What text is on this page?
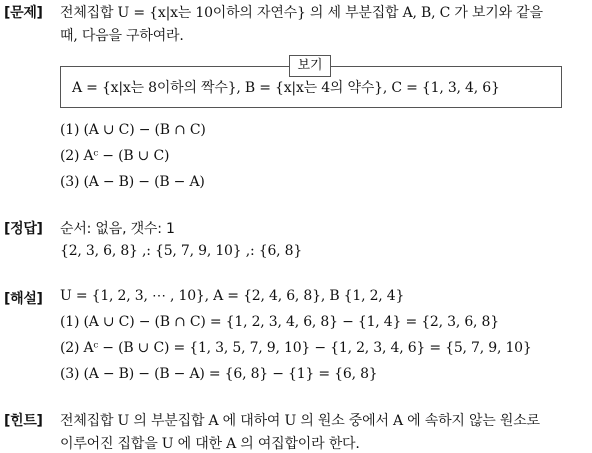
[문제] 전체집합 U = {x|x는 10이하의 자연수} 의 세 부분집합 A, B, C 가 보기와 같을
때, 다음을 구하여라.
보기
A = {x|x는 8이하의 짝수}, B = {x|x는 4의 약수}, C = {1, 3, 4, 6}
(1) (A ∪ C) − (B ∩ C)
(2) Aᶜ − (B ∪ C)
(3) (A − B) − (B − A)
[정답] 순서: 없음, 갯수: 1
{2, 3, 6, 8} ,: {5, 7, 9, 10} ,: {6, 8}
[해설] U = {1, 2, 3, ⋯ , 10}, A = {2, 4, 6, 8}, B {1, 2, 4}
(1) (A ∪ C) − (B ∩ C) = {1, 2, 3, 4, 6, 8} − {1, 4} = {2, 3, 6, 8}
(2) Aᶜ − (B ∪ C) = {1, 3, 5, 7, 9, 10} − {1, 2, 3, 4, 6} = {5, 7, 9, 10}
(3) (A − B) − (B − A) = {6, 8} − {1} = {6, 8}
[힌트] 전체집합 U 의 부분집합 A 에 대하여 U 의 원소 중에서 A 에 속하지 않는 원소로
이루어진 집합을 U 에 대한 A 의 여집합이라 한다.
